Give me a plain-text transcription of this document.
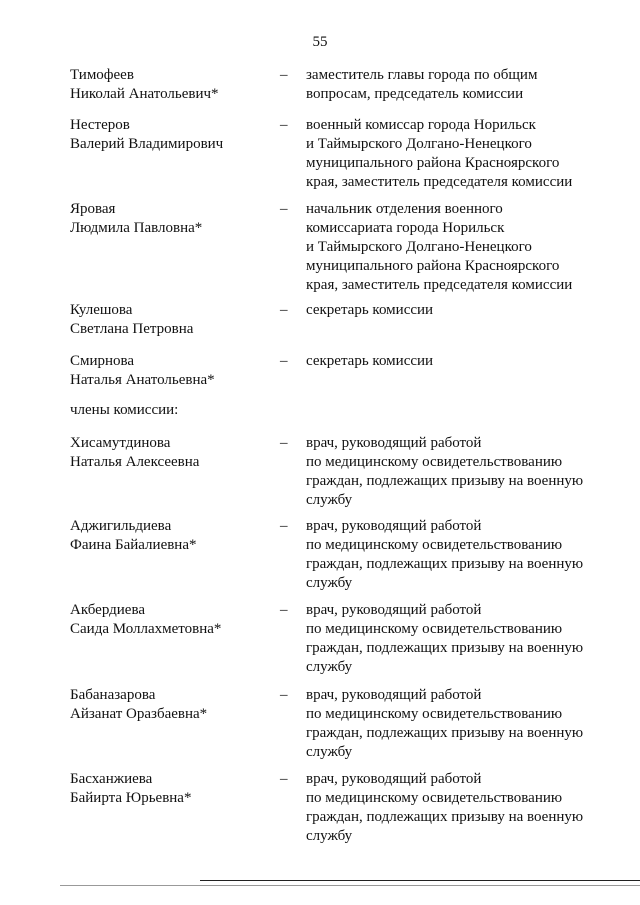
55
Тимофеев
Николай Анатольевич*
–	заместитель главы города по общим
вопросам, председатель комиссии
Нестеров
Валерий Владимирович
–	военный комиссар города Норильск
и Таймырского Долгано-Ненецкого
муниципального района Красноярского
края, заместитель председателя комиссии
Яровая
Людмила Павловна*
–	начальник отделения военного
комиссариата города Норильск
и Таймырского Долгано-Ненецкого
муниципального района Красноярского
края, заместитель председателя комиссии
Кулешова
Светлана Петровна
–	секретарь комиссии
Смирнова
Наталья Анатольевна*
–	секретарь комиссии
члены комиссии:
Хисамутдинова
Наталья Алексеевна
–	врач, руководящий работой
по медицинскому освидетельствованию
граждан, подлежащих призыву на военную
службу
Аджигильдиева
Фаина Байалиевна*
–	врач, руководящий работой
по медицинскому освидетельствованию
граждан, подлежащих призыву на военную
службу
Акбердиева
Саида Моллахметовна*
–	врач, руководящий работой
по медицинскому освидетельствованию
граждан, подлежащих призыву на военную
службу
Бабаназарова
Айзанат Оразбаевна*
–	врач, руководящий работой
по медицинскому освидетельствованию
граждан, подлежащих призыву на военную
службу
Басханжиева
Байирта Юрьевна*
–	врач, руководящий работой
по медицинскому освидетельствованию
граждан, подлежащих призыву на военную
службу
